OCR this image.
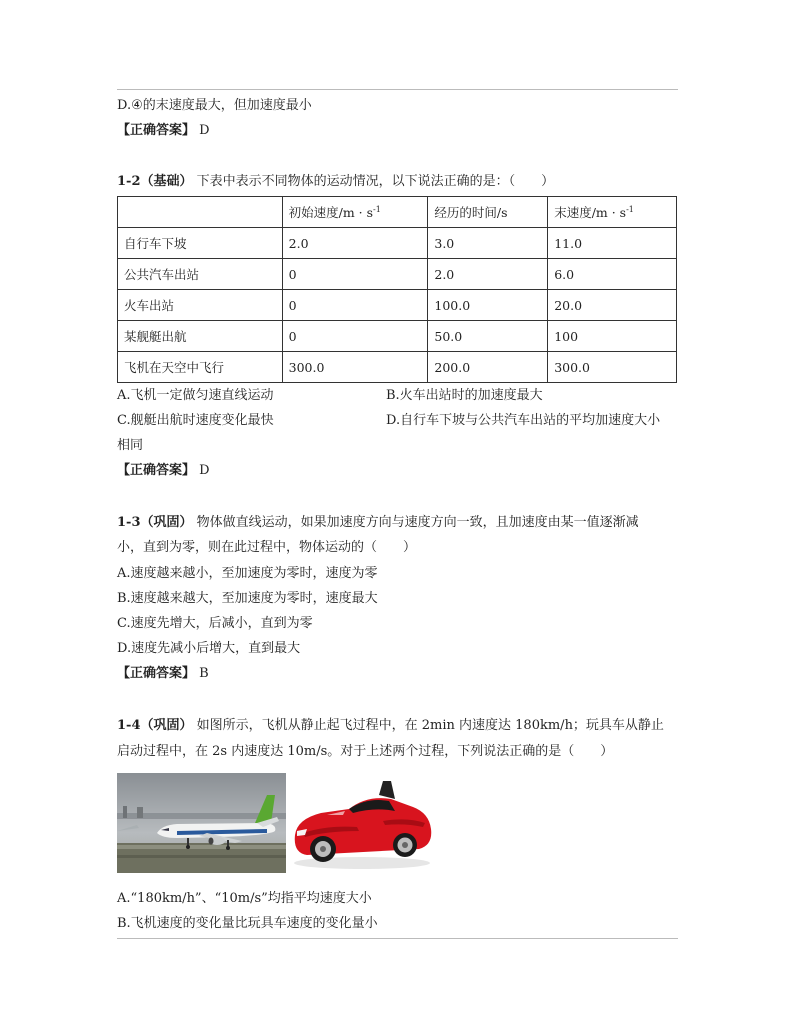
D.④的末速度最大，但加速度最小
【正确答案】 D
1-2（基础） 下表中表示不同物体的运动情况，以下说法正确的是：（　　）
	初始速度$/m \cdot s^{-1}$	经历的时间/s	末速度$/m \cdot s^{-1}$
自行车下坡	2.0	3.0	11.0
公共汽车出站	0	2.0	6.0
火车出站	0	100.0	20.0
某舰艇出航	0	50.0	100
飞机在天空中飞行	300.0	200.0	300.0
A.飞机一定做匀速直线运动	B.火车出站时的加速度最大
C.舰艇出航时速度变化最快	D.自行车下坡与公共汽车出站的平均加速度大小
相同
【正确答案】 D
1-3（巩固） 物体做直线运动，如果加速度方向与速度方向一致，且加速度由某一值逐渐减
小，直到为零，则在此过程中，物体运动的（　　）
A.速度越来越小，至加速度为零时，速度为零
B.速度越来越大，至加速度为零时，速度最大
C.速度先增大，后减小，直到为零
D.速度先减小后增大，直到最大
【正确答案】 B
1-4（巩固） 如图所示，飞机从静止起飞过程中，在 2min 内速度达 180km/h；玩具车从静止
启动过程中，在 2s 内速度达 10m/s。对于上述两个过程，下列说法正确的是（　　）
A.“180km/h”、“10m/s”均指平均速度大小
B.飞机速度的变化量比玩具车速度的变化量小
